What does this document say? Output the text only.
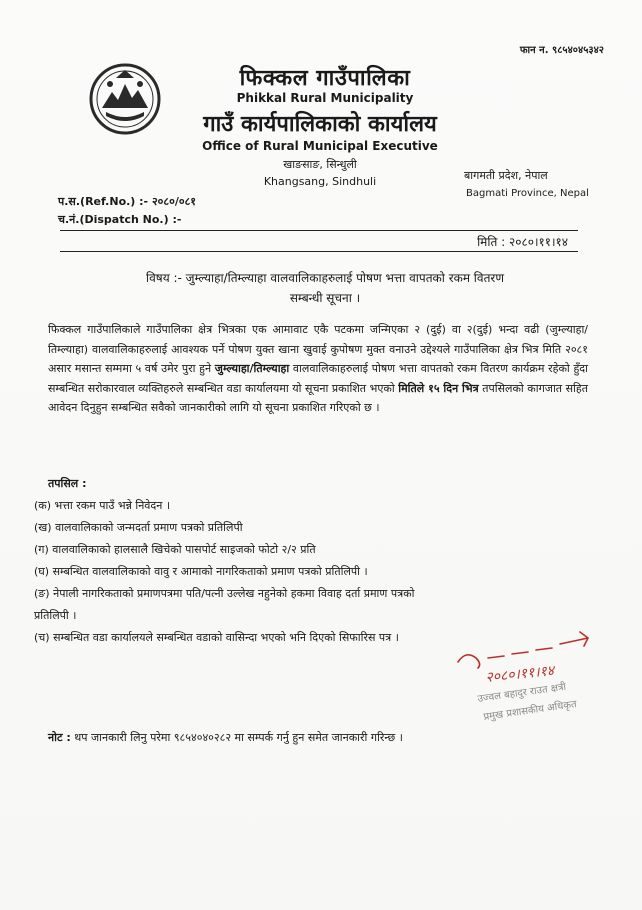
फान न. ९८५४०४५३४२
फिक्कल गाउँपालिका
Phikkal Rural Municipality
गाउँ कार्यपालिकाको कार्यालय
Office of Rural Municipal Executive
खाङसाङ, सिन्धुली
Khangsang, Sindhuli	बागमती प्रदेश, नेपाल
Bagmati Province, Nepal
प.स.(Ref.No.) :- २०८०/०८१
च.नं.(Dispatch No.) :-
मिति : २०८०।११।१४
विषय :- जुम्ल्याहा/तिम्ल्याहा वालवालिकाहरुलाई पोषण भत्ता वापतको रकम वितरण
सम्बन्धी सूचना ।
फिक्कल गाउँपालिकाले गाउँपालिका क्षेत्र भित्रका एक आमावाट एकै पटकमा जन्मिएका २ (दुई) वा २(दुई) भन्दा वढी (जुम्ल्याहा/तिम्ल्याहा) वालवालिकाहरुलाई आवश्यक पर्ने पोषण युक्त खाना खुवाई कुपोषण मुक्त वनाउने उद्देश्यले गाउँपालिका क्षेत्र भित्र मिति २०८१ असार मसान्त सम्ममा ५ वर्ष उमेर पुरा हुने जुम्ल्याहा/तिम्ल्याहा वालवालिकाहरुलाई पोषण भत्ता वापतको रकम वितरण कार्यक्रम रहेको हुँदा सम्बन्धित सरोकारवाल व्यक्तिहरुले सम्बन्धित वडा कार्यालयमा यो सूचना प्रकाशित भएको मितिले १५ दिन भित्र तपसिलको कागजात सहित आवेदन दिनुहुन सम्बन्धित सवैको जानकारीको लागि यो सूचना प्रकाशित गरिएको छ ।
तपसिल :
(क) भत्ता रकम पाउँ भन्ने निवेदन ।
(ख) वालवालिकाको जन्मदर्ता प्रमाण पत्रको प्रतिलिपी
(ग) वालवालिकाको हालसालै खिचेको पासपोर्ट साइजको फोटो २/२ प्रति
(घ) सम्बन्धित वालवालिकाको वावु र आमाको नागरिकताको प्रमाण पत्रको प्रतिलिपी ।
(ङ) नेपाली नागरिकताको प्रमाणपत्रमा पति/पत्नी उल्लेख नहुनेको हकमा विवाह दर्ता प्रमाण पत्रको
प्रतिलिपी ।
(च) सम्बन्धित वडा कार्यालयले सम्बन्धित वडाको वासिन्दा भएको भनि दिएको सिफारिस पत्र ।
२०८०।११।१४
उज्वल बहादुर राउत क्षत्री
प्रमुख प्रशासकीय अधिकृत
नोट : थप जानकारी लिनु परेमा ९८५४०४०२८२ मा सम्पर्क गर्नु हुन समेत जानकारी गरिन्छ ।
